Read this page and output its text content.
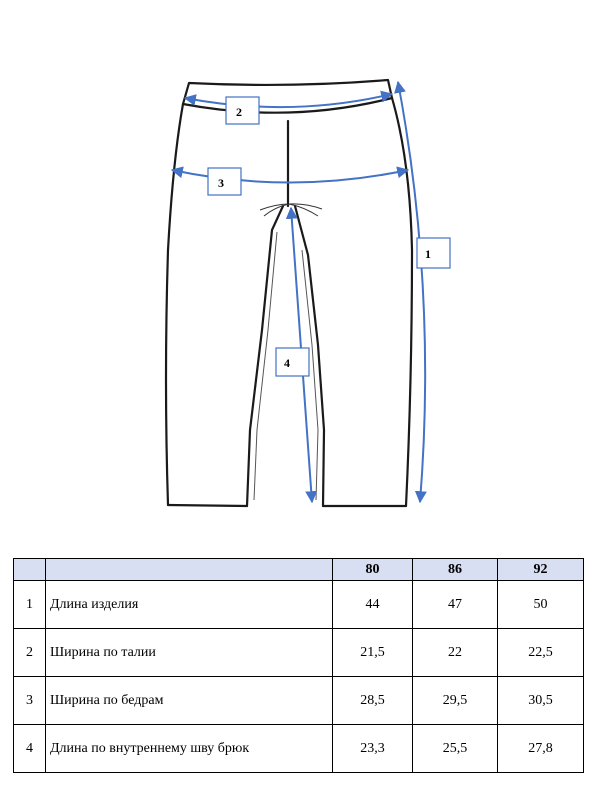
2
3
1
4
		80	86	92
1	Длина изделия	44	47	50
2	Ширина по талии	21,5	22	22,5
3	Ширина по бедрам	28,5	29,5	30,5
4	Длина по внутреннему шву брюк	23,3	25,5	27,8
